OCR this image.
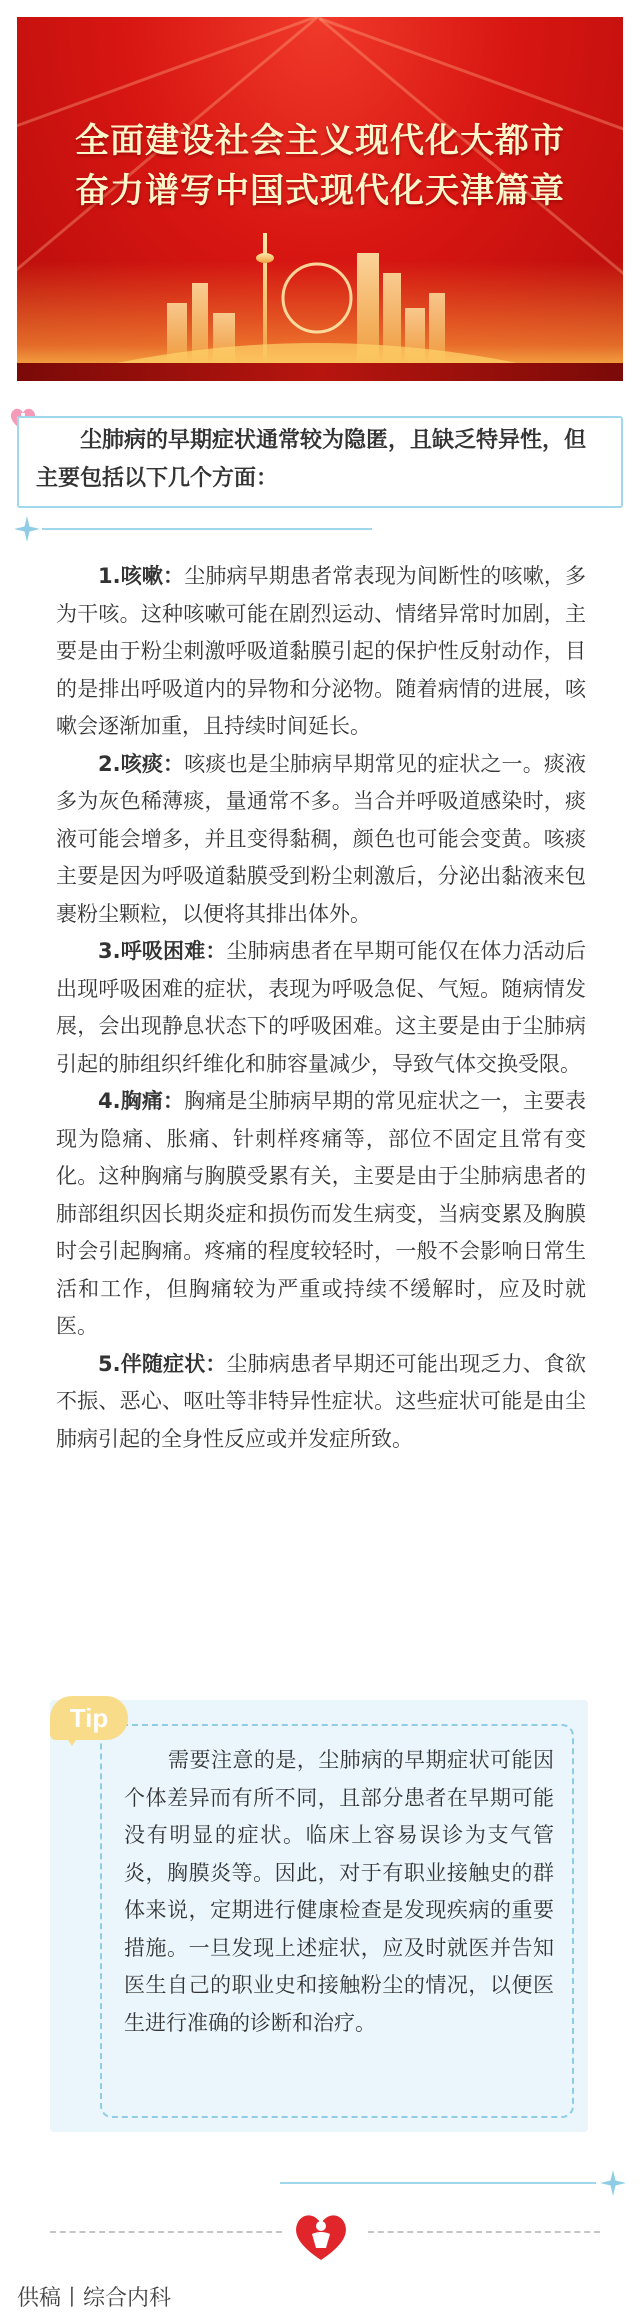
全面建设社会主义现代化大都市
奋力谱写中国式现代化天津篇章
尘肺病的早期症状通常较为隐匿，且缺乏特异性，但主要包括以下几个方面：

1.咳嗽：尘肺病早期患者常表现为间断性的咳嗽，多为干咳。这种咳嗽可能在剧烈运动、情绪异常时加剧，主要是由于粉尘刺激呼吸道黏膜引起的保护性反射动作，目的是排出呼吸道内的异物和分泌物。随着病情的进展，咳嗽会逐渐加重，且持续时间延长。

2.咳痰：咳痰也是尘肺病早期常见的症状之一。痰液多为灰色稀薄痰，量通常不多。当合并呼吸道感染时，痰液可能会增多，并且变得黏稠，颜色也可能会变黄。咳痰主要是因为呼吸道黏膜受到粉尘刺激后，分泌出黏液来包裹粉尘颗粒，以便将其排出体外。

3.呼吸困难：尘肺病患者在早期可能仅在体力活动后出现呼吸困难的症状，表现为呼吸急促、气短。随病情发展，会出现静息状态下的呼吸困难。这主要是由于尘肺病引起的肺组织纤维化和肺容量减少，导致气体交换受限。

4.胸痛：胸痛是尘肺病早期的常见症状之一，主要表现为隐痛、胀痛、针刺样疼痛等，部位不固定且常有变化。这种胸痛与胸膜受累有关，主要是由于尘肺病患者的肺部组织因长期炎症和损伤而发生病变，当病变累及胸膜时会引起胸痛。疼痛的程度较轻时，一般不会影响日常生活和工作，但胸痛较为严重或持续不缓解时，应及时就医。

5.伴随症状：尘肺病患者早期还可能出现乏力、食欲不振、恶心、呕吐等非特异性症状。这些症状可能是由尘肺病引起的全身性反应或并发症所致。

Tip
需要注意的是，尘肺病的早期症状可能因个体差异而有所不同，且部分患者在早期可能没有明显的症状。临床上容易误诊为支气管炎，胸膜炎等。因此，对于有职业接触史的群体来说，定期进行健康检查是发现疾病的重要措施。一旦发现上述症状，应及时就医并告知医生自己的职业史和接触粉尘的情况，以便医生进行准确的诊断和治疗。
供稿丨综合内科
